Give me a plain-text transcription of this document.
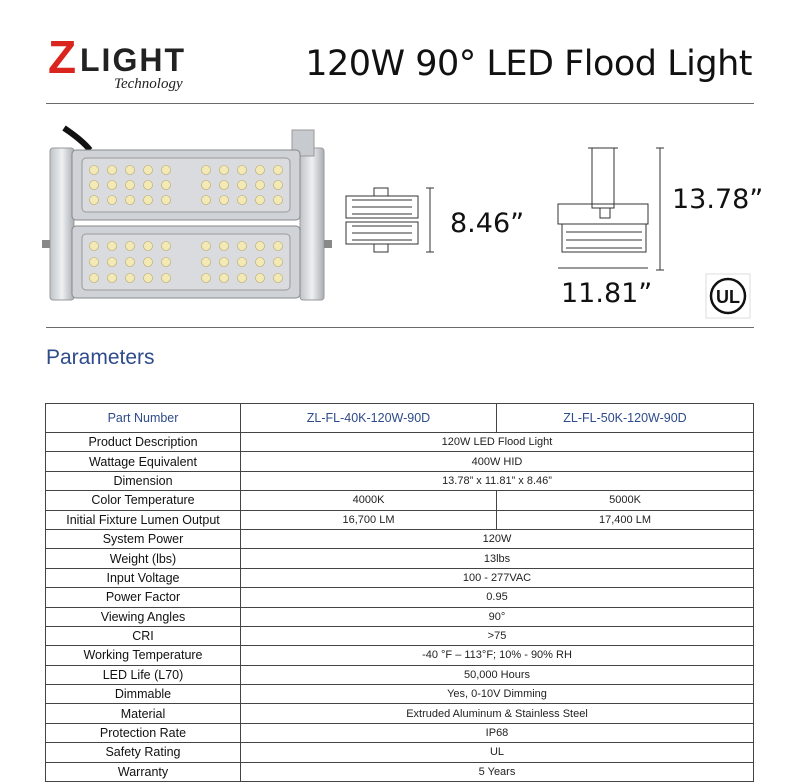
Z LIGHT
Technology	120W 90° LED Flood Light
8.46”
13.78”
11.81”	UL
Parameters
Part Number	ZL-FL-40K-120W-90D	ZL-FL-50K-120W-90D
Product Description	120W LED Flood Light	
Wattage Equivalent	400W HID	
Dimension	13.78” x 11.81” x 8.46”	
Color Temperature	4000K	5000K
Initial Fixture Lumen Output	16,700 LM	17,400 LM
System Power	120W	
Weight (lbs)	13lbs	
Input Voltage	100 - 277VAC	
Power Factor	0.95	
Viewing Angles	90°	
CRI	>75	
Working Temperature	-40 °F – 113°F; 10% - 90% RH	
LED Life (L70)	50,000 Hours	
Dimmable	Yes, 0-10V Dimming	
Material	Extruded Aluminum & Stainless Steel	
Protection Rate	IP68	
Safety Rating	UL	
Warranty	5 Years	
